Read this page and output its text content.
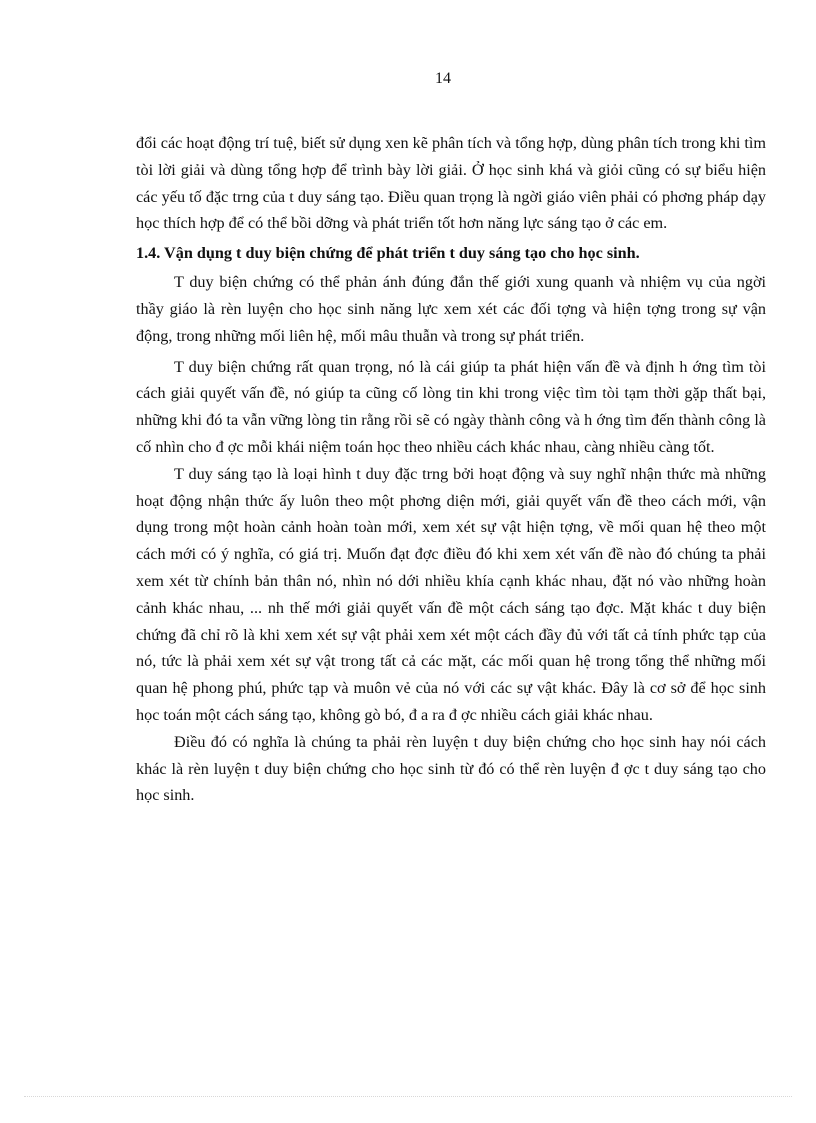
14

đổi các hoạt động trí tuệ, biết sử dụng xen kẽ phân tích và tổng hợp, dùng phân tích trong khi tìm tòi lời giải và dùng tổng hợp để trình bày lời giải. Ở học sinh khá và giỏi cũng có sự biểu hiện các yếu tố đặc trng của t duy sáng tạo. Điều quan trọng là ngời giáo viên phải có phơng pháp dạy học thích hợp để có thể bồi dỡng và phát triển tốt hơn năng lực sáng tạo ở các em.

1.4. Vận dụng t duy biện chứng để phát triển t duy sáng tạo cho học sinh.

T duy biện chứng có thể phản ánh đúng đắn thế giới xung quanh và nhiệm vụ của ngời thầy giáo là rèn luyện cho học sinh năng lực xem xét các đối tợng và hiện tợng trong sự vận động, trong những mối liên hệ, mối mâu thuẫn và trong sự phát triển.

T duy biện chứng rất quan trọng, nó là cái giúp ta phát hiện vấn đề và định h ớng tìm tòi cách giải quyết vấn đề, nó giúp ta cũng cố lòng tin khi trong việc tìm tòi tạm thời gặp thất bại, những khi đó ta vẫn vững lòng tin rằng rồi sẽ có ngày thành công và h ớng tìm đến thành công là cố nhìn cho đ ợc mỗi khái niệm toán học theo nhiều cách khác nhau, càng nhiều càng tốt.

T duy sáng tạo là loại hình t duy đặc trng bởi hoạt động và suy nghĩ nhận thức mà những hoạt động nhận thức ấy luôn theo một phơng diện mới, giải quyết vấn đề theo cách mới, vận dụng trong một hoàn cảnh hoàn toàn mới, xem xét sự vật hiện tợng, về mối quan hệ theo một cách mới có ý nghĩa, có giá trị. Muốn đạt đợc điều đó khi xem xét vấn đề nào đó chúng ta phải xem xét từ chính bản thân nó, nhìn nó dới nhiều khía cạnh khác nhau, đặt nó vào những hoàn cảnh khác nhau, ... nh thế mới giải quyết vấn đề một cách sáng tạo đợc. Mặt khác t duy biện chứng đã chỉ rõ là khi xem xét sự vật phải xem xét một cách đầy đủ với tất cả tính phức tạp của nó, tức là phải xem xét sự vật trong tất cả các mặt, các mối quan hệ trong tổng thể những mối quan hệ phong phú, phức tạp và muôn vẻ của nó với các sự vật khác. Đây là cơ sở để học sinh học toán một cách sáng tạo, không gò bó, đ a ra đ ợc nhiều cách giải khác nhau.

Điều đó có nghĩa là chúng ta phải rèn luyện t duy biện chứng cho học sinh hay nói cách khác là rèn luyện t duy biện chứng cho học sinh từ đó có thể rèn luyện đ ợc t duy sáng tạo cho học sinh.
